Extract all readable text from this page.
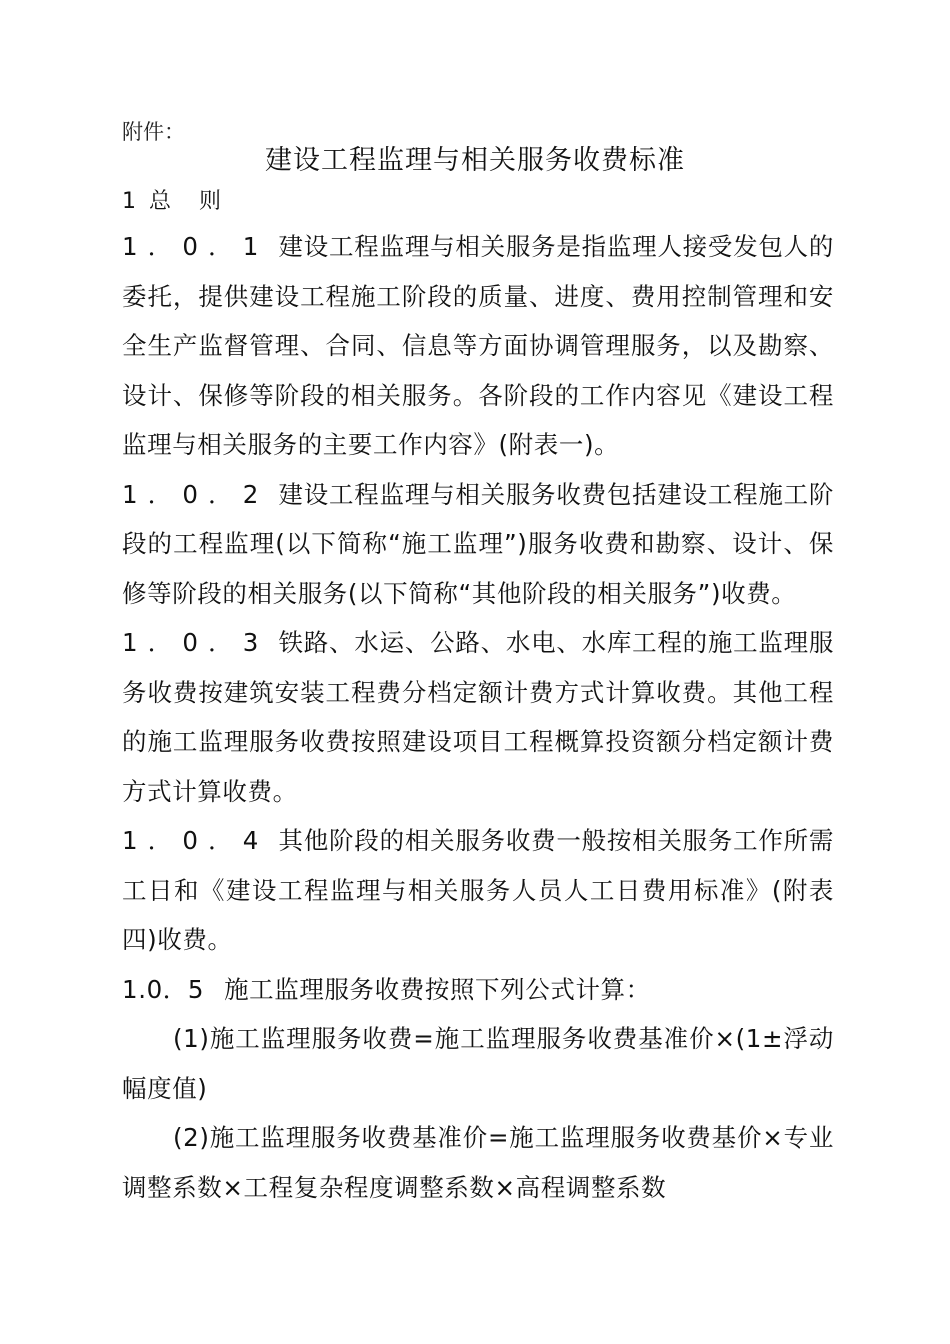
附件：
建设工程监理与相关服务收费标准
1 总 则

1．0．1 建设工程监理与相关服务是指监理人接受发包人的委托，提供建设工程施工阶段的质量、进度、费用控制管理和安全生产监督管理、合同、信息等方面协调管理服务，以及勘察、设计、保修等阶段的相关服务。各阶段的工作内容见《建设工程监理与相关服务的主要工作内容》(附表一)。

1．0．2 建设工程监理与相关服务收费包括建设工程施工阶段的工程监理(以下简称“施工监理”)服务收费和勘察、设计、保修等阶段的相关服务(以下简称“其他阶段的相关服务”)收费。

1．0．3 铁路、水运、公路、水电、水库工程的施工监理服务收费按建筑安装工程费分档定额计费方式计算收费。其他工程的施工监理服务收费按照建设项目工程概算投资额分档定额计费方式计算收费。

1．0．4 其他阶段的相关服务收费一般按相关服务工作所需工日和《建设工程监理与相关服务人员人工日费用标准》(附表四)收费。

1.0．5 施工监理服务收费按照下列公式计算：

(1)施工监理服务收费=施工监理服务收费基准价×(1±浮动幅度值)

(2)施工监理服务收费基准价=施工监理服务收费基价×专业调整系数×工程复杂程度调整系数×高程调整系数
